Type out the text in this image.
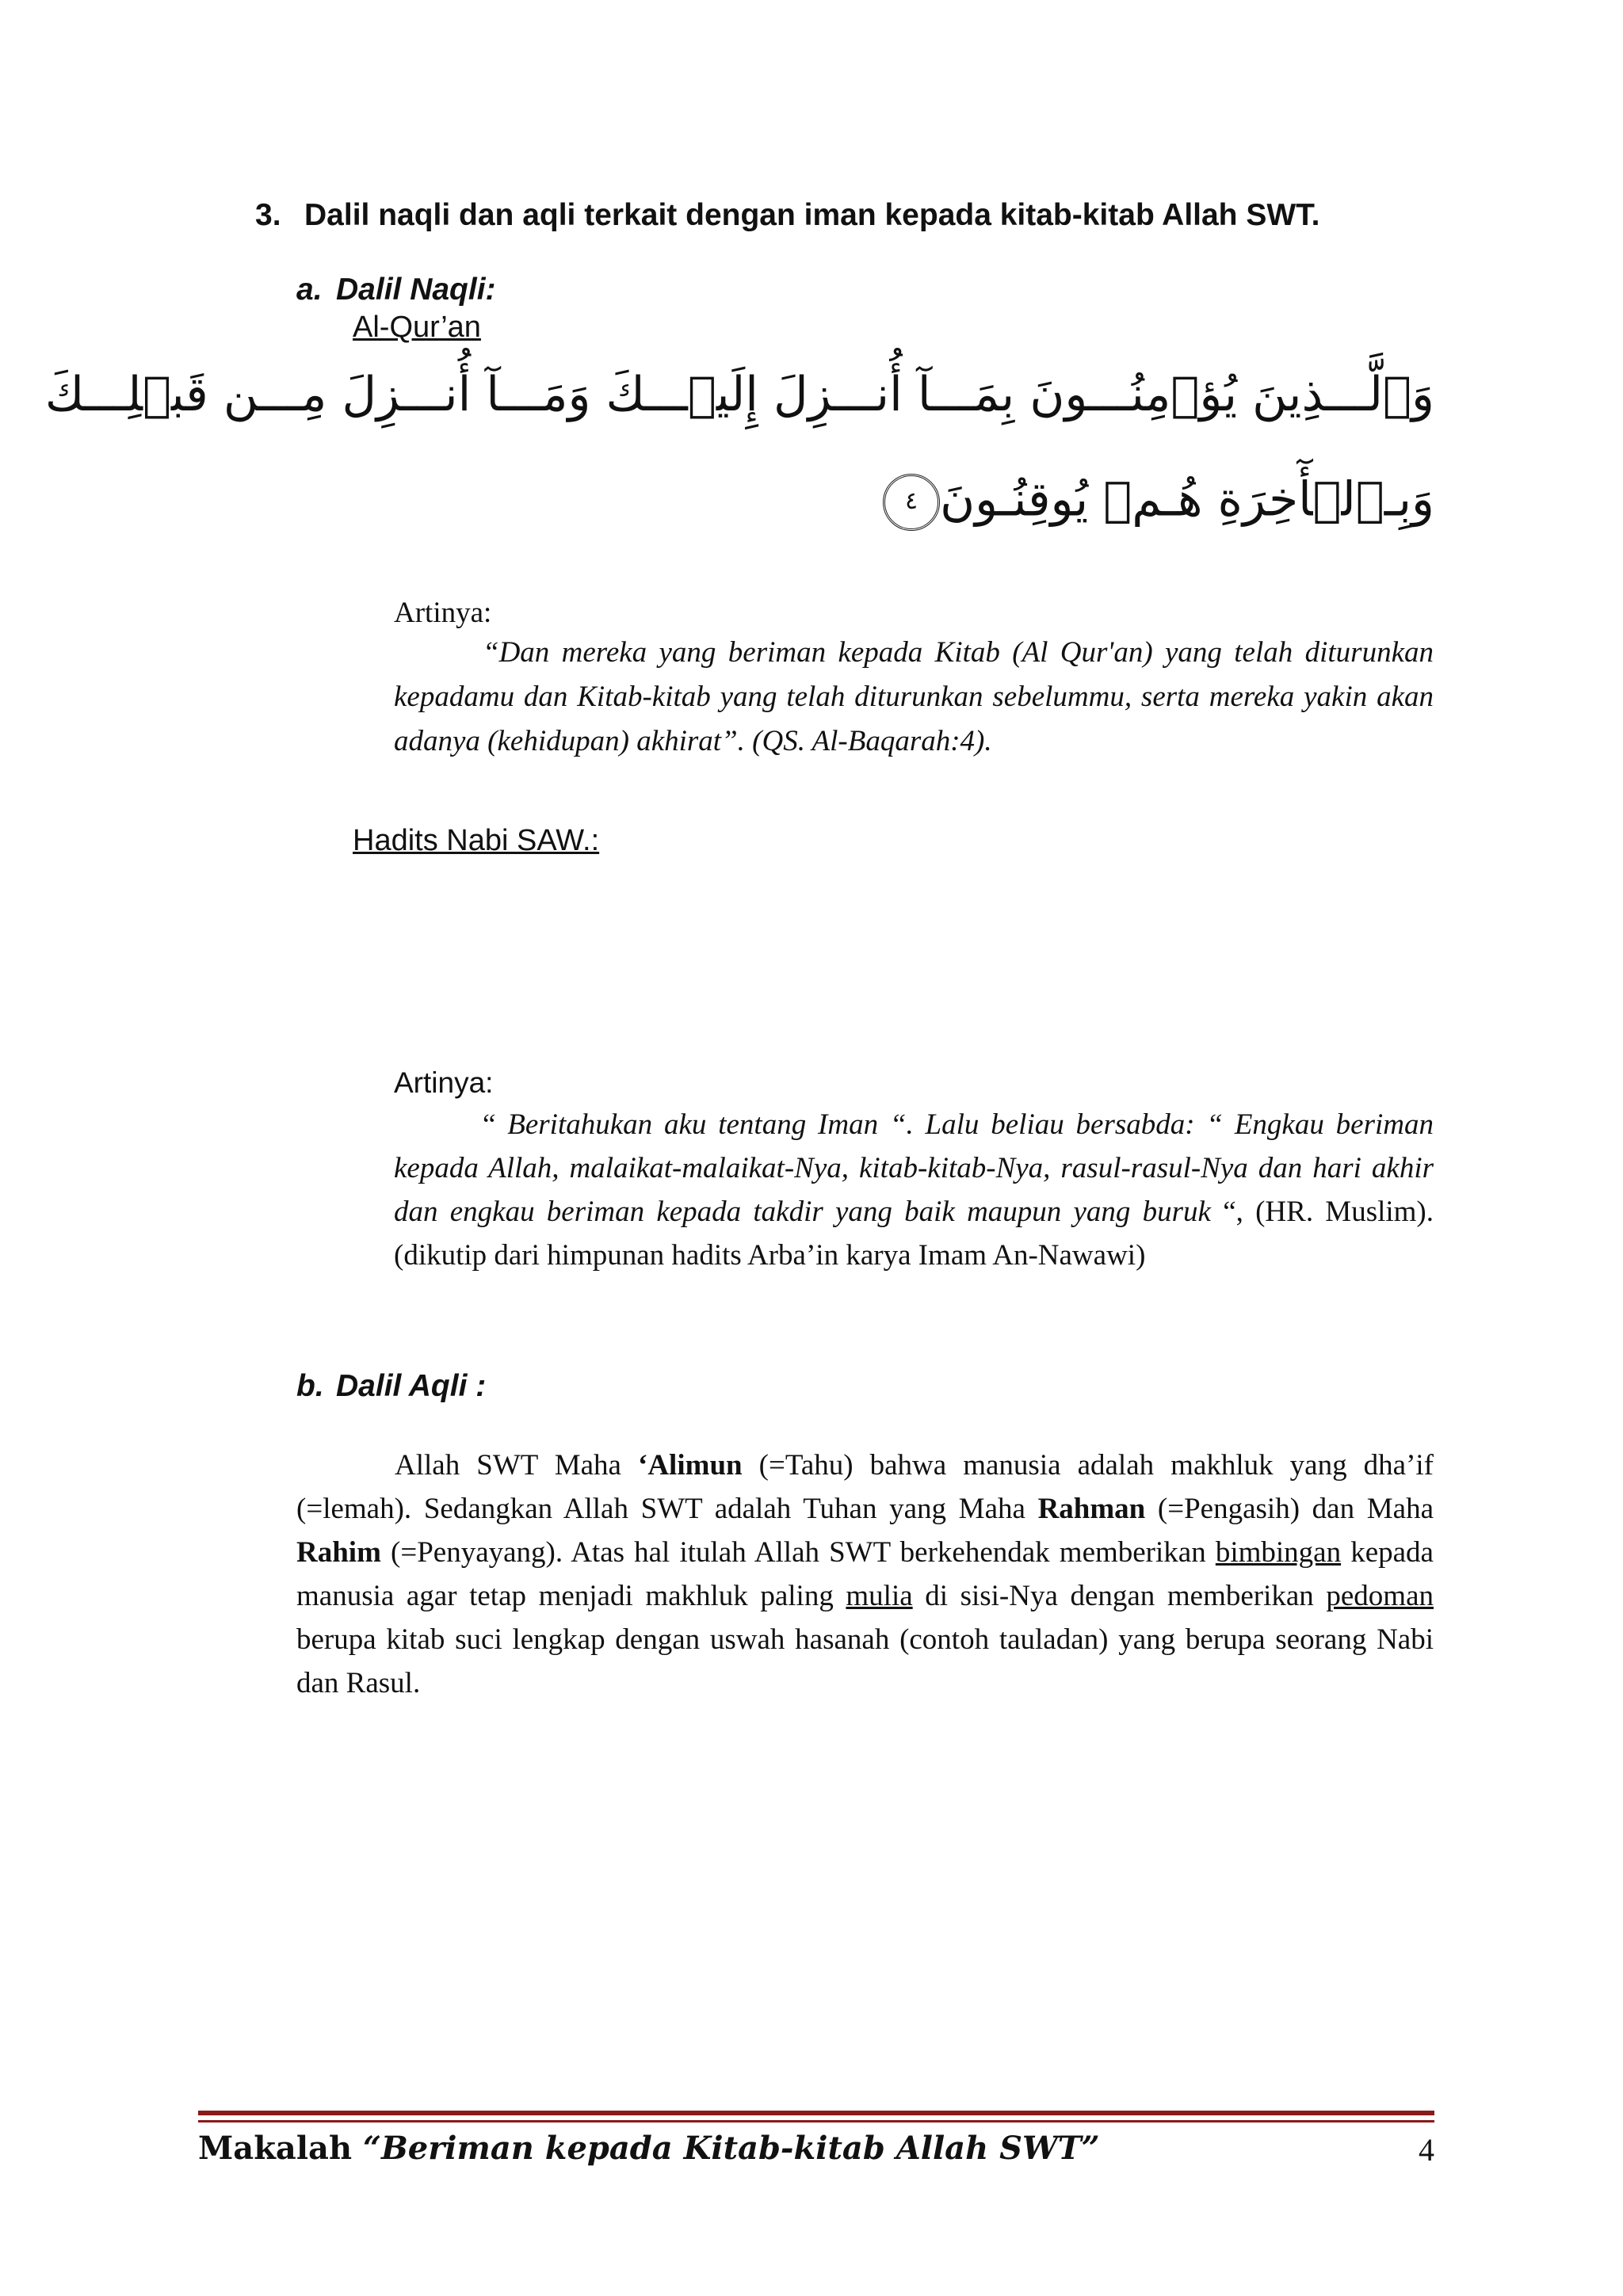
3. Dalil naqli dan aqli terkait dengan iman kepada kitab-kitab Allah SWT.
a. Dalil Naqli:
Al-Qur’an
وَٱلَّـــذِينَ يُؤۡمِنُـــونَ بِمَـــآ أُنـــزِلَ إِلَيۡـــكَ وَمَـــآ أُنـــزِلَ مِـــن قَبۡلِـــكَ
وَبِـٱلۡأٓخِرَةِ هُـمۡ يُوقِنُـونَ٤
Artinya:
“Dan mereka yang beriman kepada Kitab (Al Qur'an) yang telah diturunkan kepadamu dan Kitab-kitab yang telah diturunkan sebelummu, serta mereka yakin akan adanya (kehidupan) akhirat”. (QS. Al-Baqarah:4).
Hadits Nabi SAW.:
Artinya:
“ Beritahukan aku tentang Iman “. Lalu beliau bersabda: “ Engkau beriman kepada Allah, malaikat-malaikat-Nya, kitab-kitab-Nya, rasul-rasul-Nya dan hari akhir dan engkau beriman kepada takdir yang baik maupun yang buruk “, (HR. Muslim). (dikutip dari himpunan hadits Arba’in karya Imam An-Nawawi)
b. Dalil Aqli :
Allah SWT Maha ‘Alimun (=Tahu) bahwa manusia adalah makhluk yang dha’if (=lemah). Sedangkan Allah SWT adalah Tuhan yang Maha Rahman (=Pengasih) dan Maha Rahim (=Penyayang). Atas hal itulah Allah SWT berkehendak memberikan bimbingan kepada manusia agar tetap menjadi makhluk paling mulia di sisi-Nya dengan memberikan pedoman berupa kitab suci lengkap dengan uswah hasanah (contoh tauladan) yang berupa seorang Nabi dan Rasul.
Makalah “Beriman kepada Kitab-kitab Allah SWT”	4
